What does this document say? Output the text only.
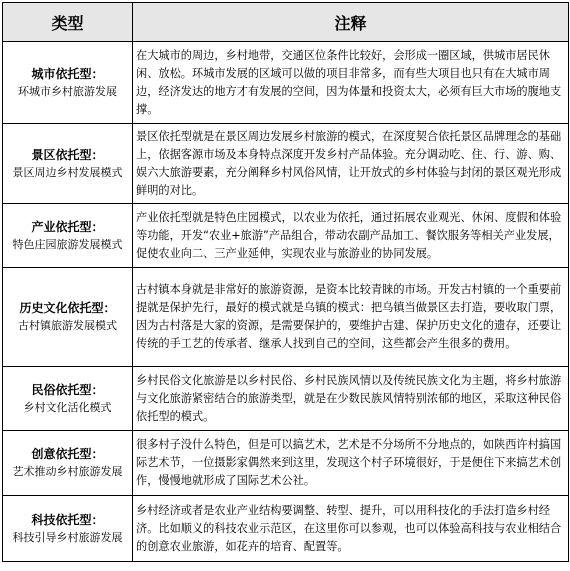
类型	注释

城市依托型：
环城市乡村旅游发展	在大城市的周边，乡村地带，交通区位条件比较好，会形成一圈区域，供城市居民休闲、放松。环城市发展的区域可以做的项目非常多，而有些大项目也只有在大城市周边，经济发达的地方才有发展的空间，因为体量和投资太大，必须有巨大市场的腹地支撑。

景区依托型：
景区周边乡村发展模式	景区依托型就是在景区周边发展乡村旅游的模式，在深度契合依托景区品牌理念的基础上，依据客源市场及本身特点深度开发乡村产品体验。充分调动吃、住、行、游、购、娱六大旅游要素，充分阐释乡村风俗风情，让开放式的乡村体验与封闭的景区观光形成鲜明的对比。

产业依托型：
特色庄园旅游发展模式	产业依托型就是特色庄园模式，以农业为依托，通过拓展农业观光、休闲、度假和体验等功能，开发“农业+旅游”产品组合，带动农副产品加工、餐饮服务等相关产业发展，促使农业向二、三产业延伸，实现农业与旅游业的协同发展。

历史文化依托型：
古村镇旅游发展模式	古村镇本身就是非常好的旅游资源，是资本比较青睐的市场。开发古村镇的一个重要前提就是保护先行，最好的模式就是乌镇的模式：把乌镇当做景区去打造，要收取门票，因为古村落是大家的资源，是需要保护的，要维护古建、保护历史文化的遗存，还要让传统的手工艺的传承者、继承人找到自己的空间，这些都会产生很多的费用。

民俗依托型：
乡村文化活化模式	乡村民俗文化旅游是以乡村民俗、乡村民族风情以及传统民族文化为主题，将乡村旅游与文化旅游紧密结合的旅游类型，就是在少数民族风情特别浓郁的地区，采取这种民俗依托型的模式。

创意依托型：
艺术推动乡村旅游发展	很多村子没什么特色，但是可以搞艺术，艺术是不分场所不分地点的，如陕西许村搞国际艺术节，一位摄影家偶然来到这里，发现这个村子环境很好，于是便住下来搞艺术创作，慢慢地就形成了国际艺术公社。

科技依托型：
科技引导乡村旅游发展	乡村经济或者是农业产业结构要调整、转型、提升，可以用科技化的手法打造乡村经济。比如顺义的科技农业示范区，在这里你可以参观，也可以体验高科技与农业相结合的创意农业旅游，如花卉的培育、配置等。
